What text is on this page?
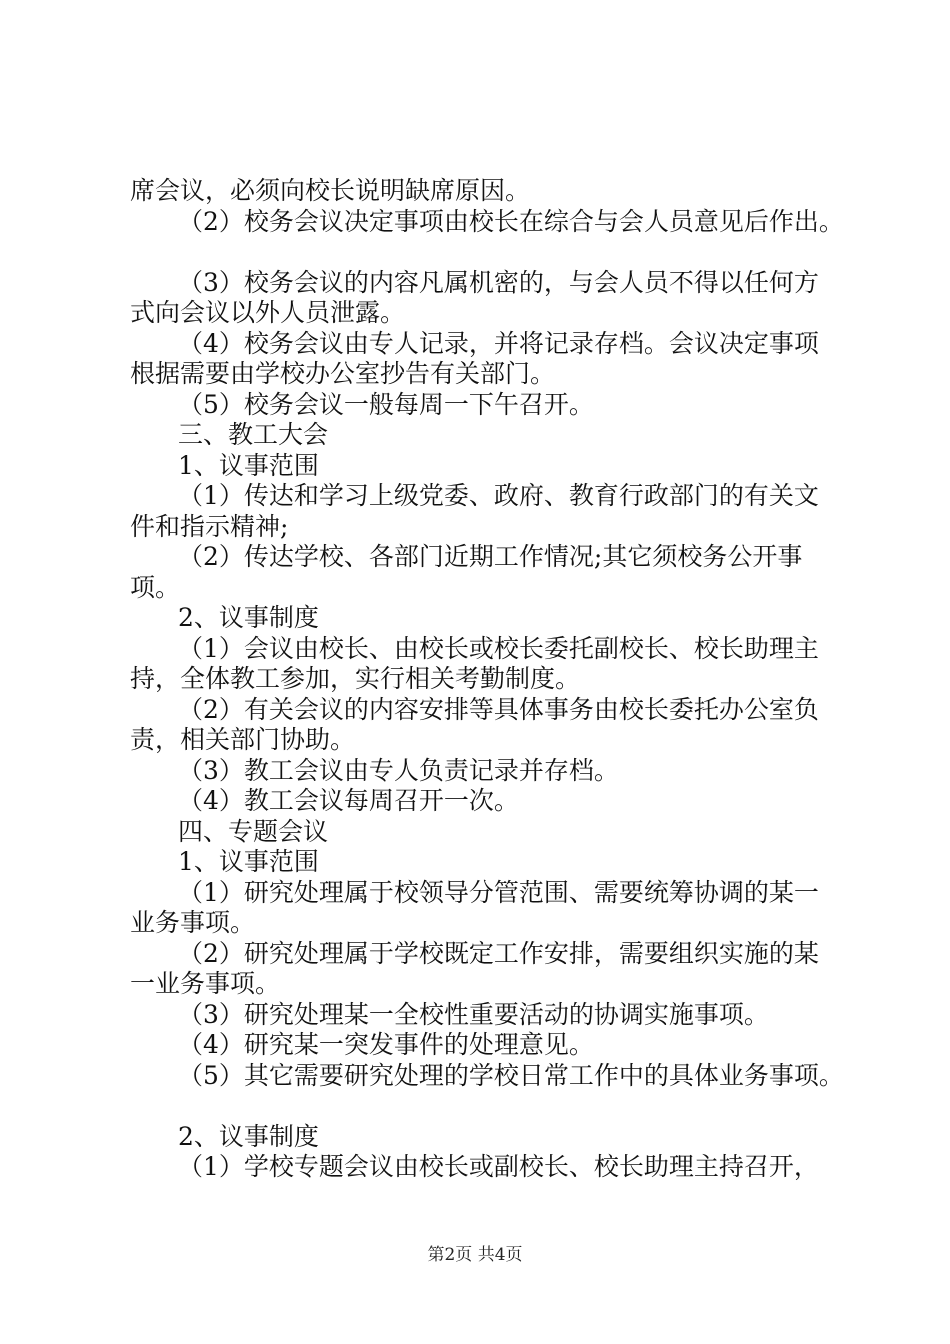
席会议，必须向校长说明缺席原因。
（2）校务会议决定事项由校长在综合与会人员意见后作出。
（3）校务会议的内容凡属机密的，与会人员不得以任何方
式向会议以外人员泄露。
（4）校务会议由专人记录，并将记录存档。会议决定事项
根据需要由学校办公室抄告有关部门。
（5）校务会议一般每周一下午召开。
三、教工大会
1、议事范围
（1）传达和学习上级党委、政府、教育行政部门的有关文
件和指示精神;
（2）传达学校、各部门近期工作情况;其它须校务公开事
项。
2、议事制度
（1）会议由校长、由校长或校长委托副校长、校长助理主
持，全体教工参加，实行相关考勤制度。
（2）有关会议的内容安排等具体事务由校长委托办公室负
责，相关部门协助。
（3）教工会议由专人负责记录并存档。
（4）教工会议每周召开一次。
四、专题会议
1、议事范围
（1）研究处理属于校领导分管范围、需要统筹协调的某一
业务事项。
（2）研究处理属于学校既定工作安排，需要组织实施的某
一业务事项。
（3）研究处理某一全校性重要活动的协调实施事项。
（4）研究某一突发事件的处理意见。
（5）其它需要研究处理的学校日常工作中的具体业务事项。
2、议事制度
（1）学校专题会议由校长或副校长、校长助理主持召开，
第2页 共4页
